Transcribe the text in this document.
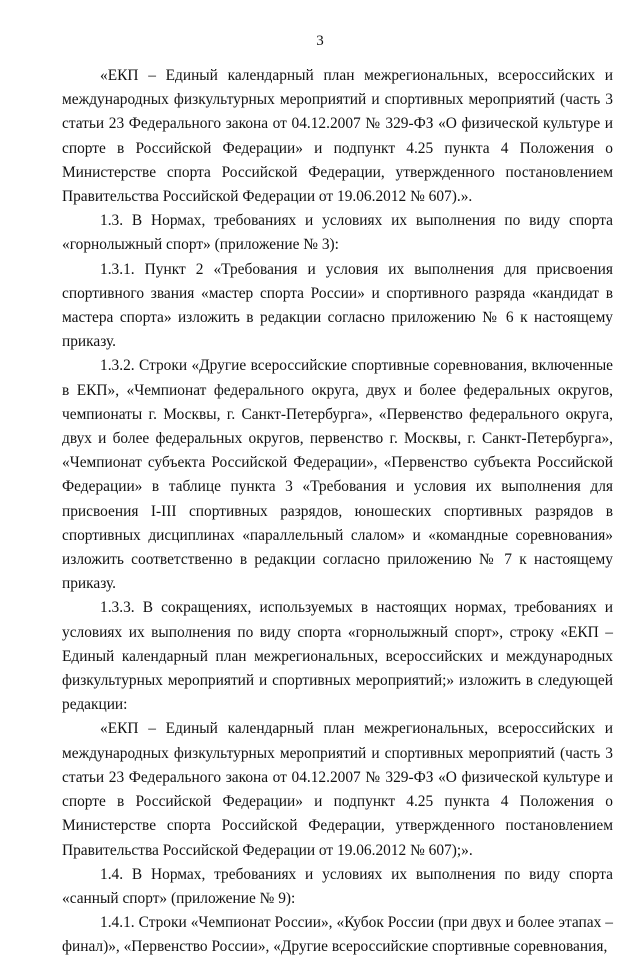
3

«ЕКП – Единый календарный план межрегиональных, всероссийских и международных физкультурных мероприятий и спортивных мероприятий (часть 3 статьи 23 Федерального закона от 04.12.2007 № 329-ФЗ «О физической культуре и спорте в Российской Федерации» и подпункт 4.25 пункта 4 Положения о Министерстве спорта Российской Федерации, утвержденного постановлением Правительства Российской Федерации от 19.06.2012 № 607).».

1.3. В Нормах, требованиях и условиях их выполнения по виду спорта «горнолыжный спорт» (приложение № 3):

1.3.1. Пункт 2 «Требования и условия их выполнения для присвоения спортивного звания «мастер спорта России» и спортивного разряда «кандидат в мастера спорта» изложить в редакции согласно приложению № 6 к настоящему приказу.

1.3.2. Строки «Другие всероссийские спортивные соревнования, включенные в ЕКП», «Чемпионат федерального округа, двух и более федеральных округов, чемпионаты г. Москвы, г. Санкт-Петербурга», «Первенство федерального округа, двух и более федеральных округов, первенство г. Москвы, г. Санкт-Петербурга», «Чемпионат субъекта Российской Федерации», «Первенство субъекта Российской Федерации» в таблице пункта 3 «Требования и условия их выполнения для присвоения I-III спортивных разрядов, юношеских спортивных разрядов в спортивных дисциплинах «параллельный слалом» и «командные соревнования» изложить соответственно в редакции согласно приложению № 7 к настоящему приказу.

1.3.3. В сокращениях, используемых в настоящих нормах, требованиях и условиях их выполнения по виду спорта «горнолыжный спорт», строку «ЕКП – Единый календарный план межрегиональных, всероссийских и международных физкультурных мероприятий и спортивных мероприятий;» изложить в следующей редакции:

«ЕКП – Единый календарный план межрегиональных, всероссийских и международных физкультурных мероприятий и спортивных мероприятий (часть 3 статьи 23 Федерального закона от 04.12.2007 № 329-ФЗ «О физической культуре и спорте в Российской Федерации» и подпункт 4.25 пункта 4 Положения о Министерстве спорта Российской Федерации, утвержденного постановлением Правительства Российской Федерации от 19.06.2012 № 607);».

1.4. В Нормах, требованиях и условиях их выполнения по виду спорта «санный спорт» (приложение № 9):

1.4.1. Строки «Чемпионат России», «Кубок России (при двух и более этапах – финал)», «Первенство России», «Другие всероссийские спортивные соревнования,
